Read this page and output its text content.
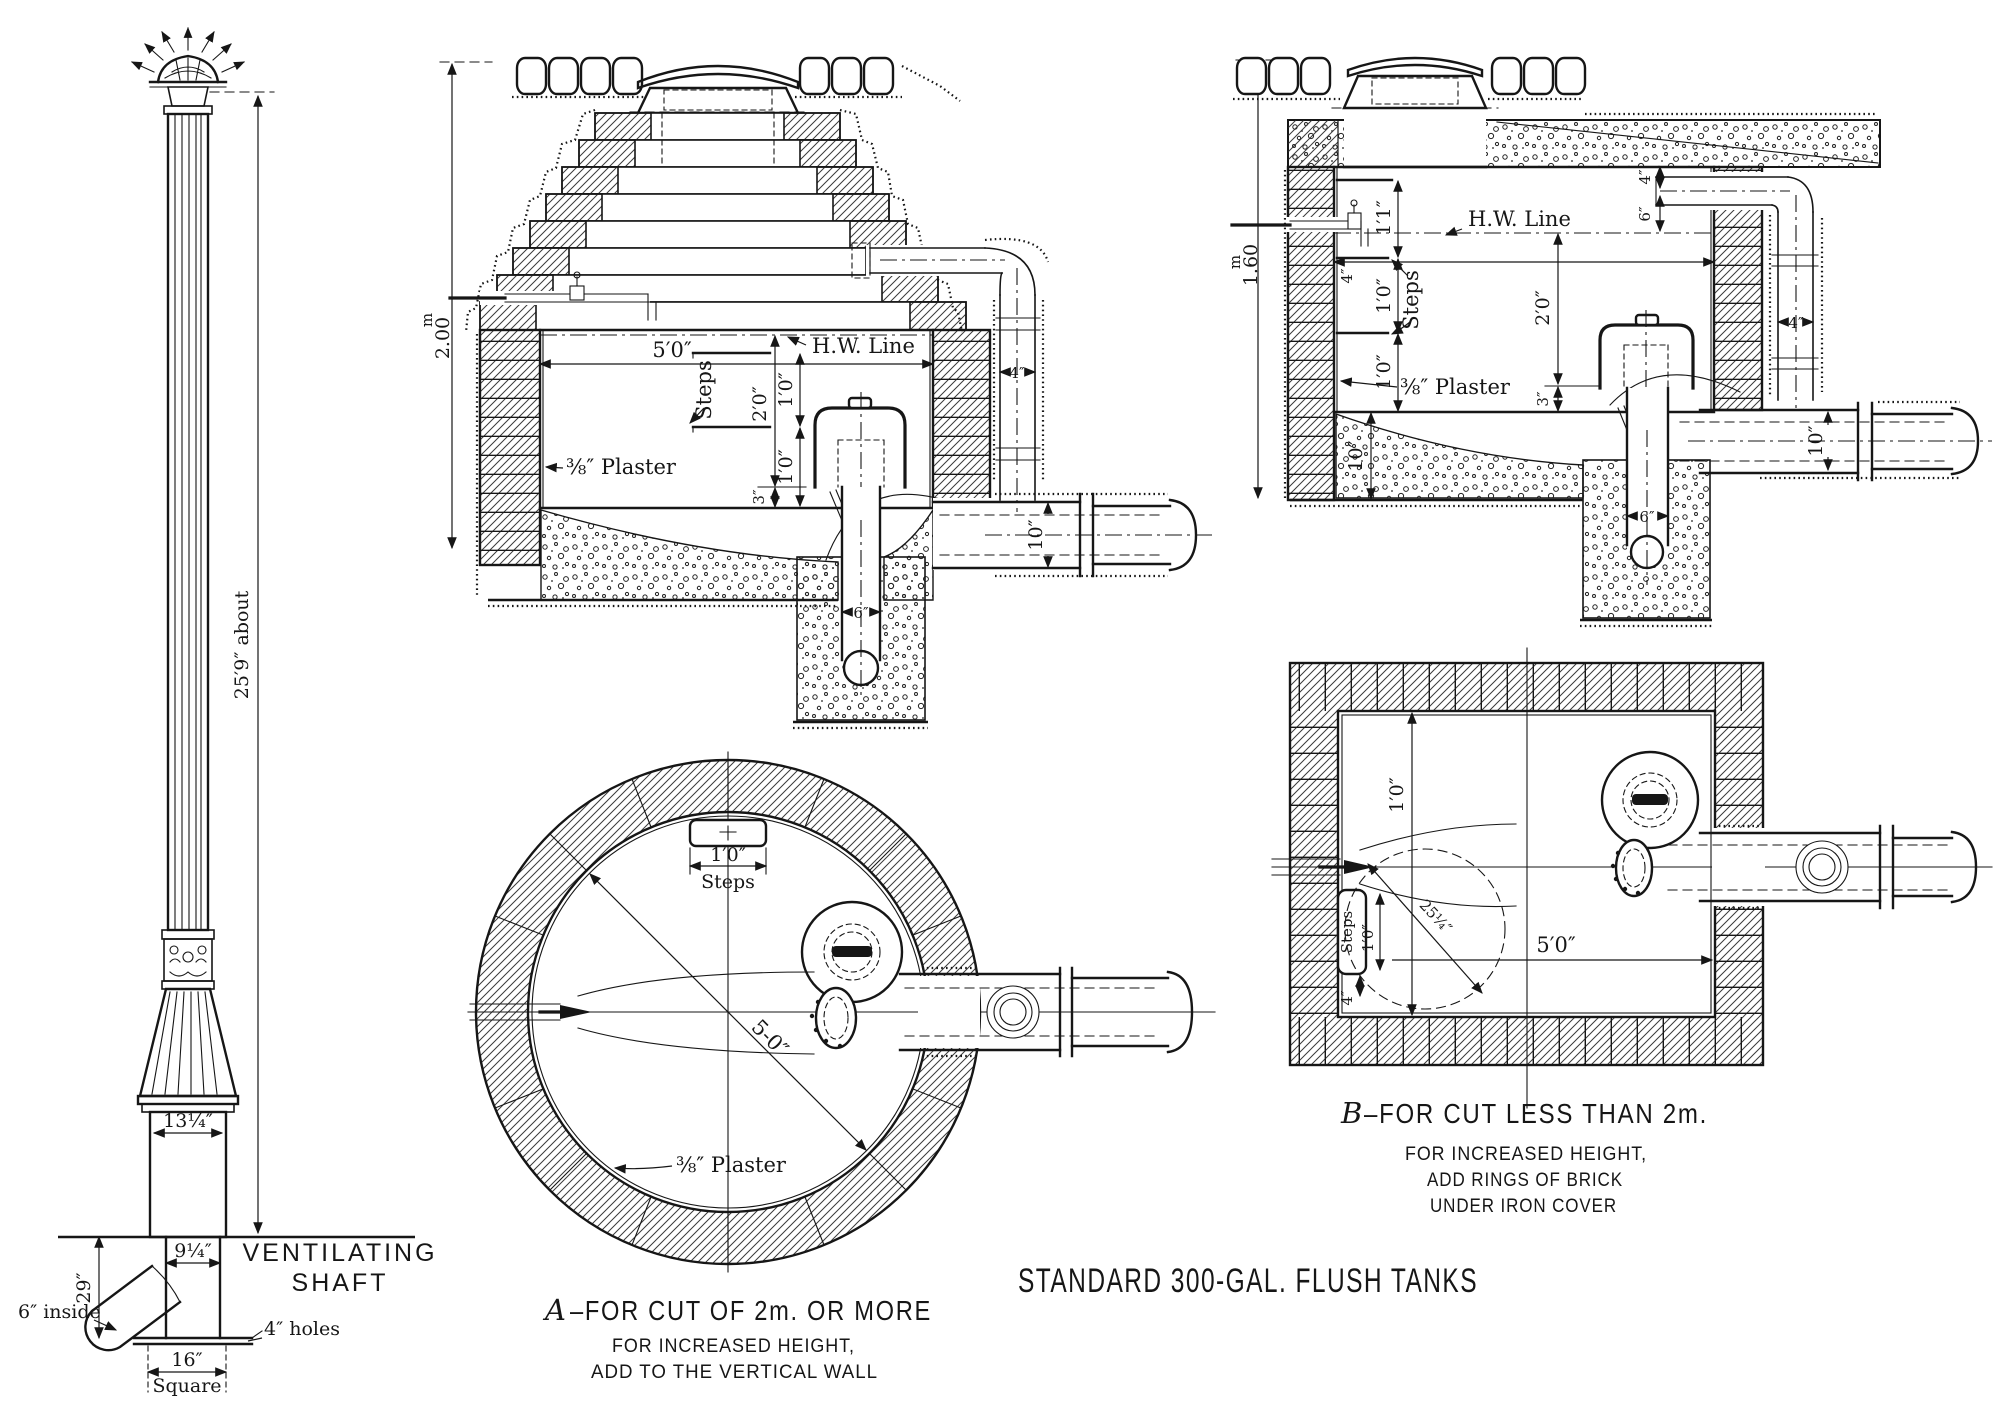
13¼″
29″
9¼″
6″ inside
4″ holes
16″
Square
25′9″ about
VENTILATING
SHAFT
m
2.00	H.W. Line
5′0″
Steps 2′0″
3″
1′0″
1′0″
⅜″ Plaster
6″
10″
4″
1′0″
Steps
5-0″
⅜″ Plaster
m
1.60
H.W. Line
1′1″
4″
1′0″ Steps
1′0″ ⅜″ Plaster
2′0″
3″
10″
6″
4″
6″
4″
10″
Steps 1′0″
4″
1′0″
25¼″
5′0″
A –FOR CUT OF 2m. OR MORE
FOR INCREASED HEIGHT,
ADD TO THE VERTICAL WALL
B –FOR CUT LESS THAN 2m.
FOR INCREASED HEIGHT,
ADD RINGS OF BRICK
UNDER IRON COVER
STANDARD 300-GAL. FLUSH TANKS
